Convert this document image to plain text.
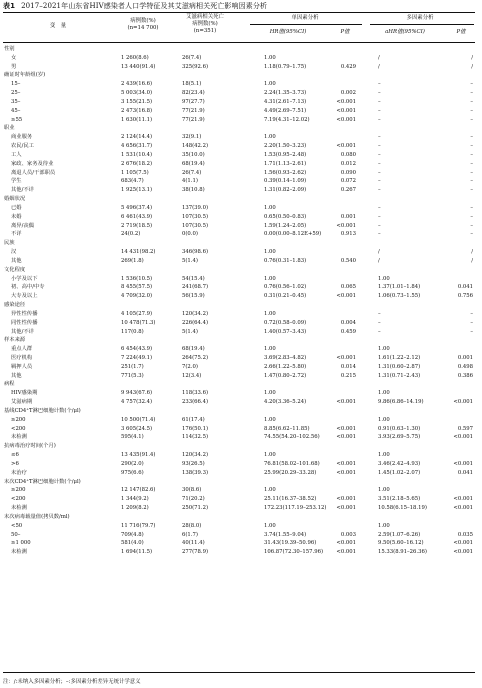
表1 2017–2021年山东省HIV感染者人口学特征及其艾滋病相关死亡影响因素分析
变　量
病例数(%)
(n=14 700)
艾滋病相关死亡
病例数(%)
(n=351)
单因素分析	多因素分析
HR值(95%CI)	P值	aHR值(95%CI)	P值
性别
女	1 260(8.6)	26(7.4)	1.00	/	/
男	13 440(91.4)	325(92.6)	1.18(0.79–1.75)	0.429	/	/
确证时年龄组(岁)
15–	2 439(16.6)	18(5.1)	1.00	–	–
25–	5 003(34.0)	82(23.4)	2.24(1.35–3.73)	0.002	–	–
35–	3 155(21.5)	97(27.7)	4.31(2.61–7.13)	<0.001	–	–
45–	2 473(16.8)	77(21.9)	4.49(2.69–7.51)	<0.001	–	–
≥55	1 630(11.1)	77(21.9)	7.19(4.31–12.02)	<0.001	–	–
职业
商业服务	2 124(14.4)	32(9.1)	1.00	–	–
农民/民工	4 656(31.7)	148(42.2)	2.20(1.50–3.23)	<0.001	–	–
工人	1 531(10.4)	35(10.0)	1.53(0.95–2.48)	0.080	–	–
家政、家务及待业	2 676(18.2)	68(19.4)	1.71(1.13–2.61)	0.012	–	–
离退人员/干部职员	1 105(7.5)	26(7.4)	1.56(0.93–2.62)	0.090	–	–
学生	683(4.7)	4(1.1)	0.39(0.14–1.09)	0.072	–	–
其他/不详	1 925(13.1)	38(10.8)	1.31(0.82–2.09)	0.267	–	–
婚姻状况
已婚	5 496(37.4)	137(39.0)	1.00	–	–
未婚	6 461(43.9)	107(30.5)	0.65(0.50–0.83)	0.001	–	–
离异/丧偶	2 719(18.5)	107(30.5)	1.59(1.24–2.05)	<0.001	–	–
不详	24(0.2)	0(0.0)	0.00(0.00–8.12E+59)	0.913	–	–
民族
汉	14 431(98.2)	346(98.6)	1.00	/	/
其他	269(1.8)	5(1.4)	0.76(0.31–1.83)	0.540	/	/
文化程度
小学及以下	1 536(10.5)	54(15.4)	1.00	1.00
初、高中/中专	8 455(57.5)	241(68.7)	0.76(0.56–1.02)	0.065	1.37(1.01–1.84)	0.041
大专及以上	4 709(32.0)	56(15.9)	0.31(0.21–0.45)	<0.001	1.06(0.73–1.55)	0.756
感染途径
异性性传播	4 105(27.9)	120(34.2)	1.00	–	–
同性性传播	10 478(71.3)	226(64.4)	0.72(0.58–0.09)	0.004	–	–
其他/不详	117(0.8)	5(1.4)	1.40(0.57–3.43)	0.459	–	–
样本来源
重点人群	6 454(43.9)	68(19.4)	1.00	1.00
医疗机构	7 224(49.1)	264(75.2)	3.69(2.83–4.82)	<0.001	1.61(1.22–2.12)	0.001
羁押人员	251(1.7)	7(2.0)	2.66(1.22–5.80)	0.014	1.31(0.60–2.87)	0.498
其他	771(5.3)	12(3.4)	1.47(0.80–2.72)	0.215	1.31(0.71–2.43)	0.386
病程
HIV感染期	9 943(67.6)	118(33.6)	1.00	1.00
艾滋病期	4 757(32.4)	233(66.4)	4.20(3.36–5.24)	<0.001	9.86(6.86–14.19)	<0.001
基线CD4⁺T淋巴细胞计数(个/μl)
≥200	10 500(71.4)	61(17.4)	1.00	1.00
<200	3 605(24.5)	176(50.1)	8.85(6.62–11.85)	<0.001	0.91(0.63–1.30)	0.597
未检测	595(4.1)	114(32.5)	74.55(54.20–102.56)	<0.001	3.93(2.69–5.75)	<0.001
抗病毒治疗时间(个月)
≤6	13 435(91.4)	120(34.2)	1.00	1.00
>6	290(2.0)	93(26.5)	76.81(58.02–101.68)	<0.001	3.46(2.42–4.93)	<0.001
未治疗	975(6.6)	138(39.3)	25.99(20.29–33.28)	<0.001	1.45(1.02–2.07)	0.041
末次CD4⁺T淋巴细胞计数(个/μl)
≥200	12 147(82.6)	30(8.6)	1.00	1.00
<200	1 344(9.2)	71(20.2)	25.11(16.37–38.52)	<0.001	3.51(2.18–5.65)	<0.001
未检测	1 209(8.2)	250(71.2)	172.23(117.19–253.12) <0.001	10.58(6.15–18.19)	<0.001
末次病毒载量值(拷贝数/ml)
<50	11 716(79.7)	28(8.0)	1.00	1.00
50–	709(4.8)	6(1.7)	3.74(1.55–9.04)	0.003	2.59(1.07–6.26)	0.035
≥1 000	581(4.0)	40(11.4)	31.43(19.39–50.96)	<0.001	9.50(5.60–16.12)	<0.001
未检测	1 694(11.5)	277(78.9)	106.87(72.30–157.96)	<0.001	15.33(8.91–26.36)	<0.001
注：/:未纳入多因素分析；–:多因素分析差异无统计学意义
